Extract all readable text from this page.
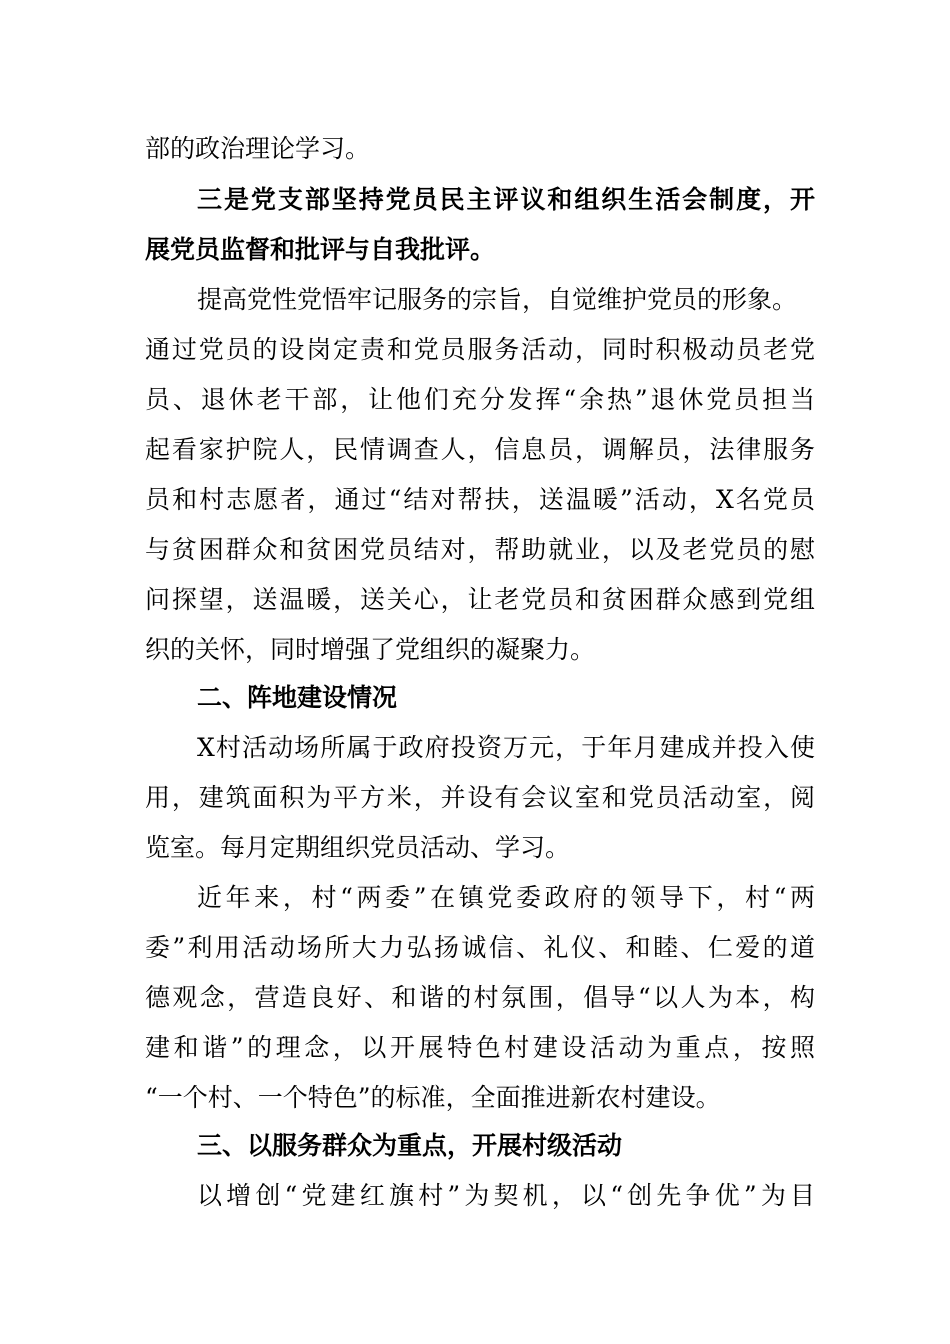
部的政治理论学习。
三是党支部坚持党员民主评议和组织生活会制度，开
展党员监督和批评与自我批评。
提高党性党悟牢记服务的宗旨，自觉维护党员的形象。
通过党员的设岗定责和党员服务活动，同时积极动员老党
员、退休老干部，让他们充分发挥“余热”退休党员担当
起看家护院人，民情调查人，信息员，调解员，法律服务
员和村志愿者，通过“结对帮扶，送温暖”活动，X名党员
与贫困群众和贫困党员结对，帮助就业，以及老党员的慰
问探望，送温暖，送关心，让老党员和贫困群众感到党组
织的关怀，同时增强了党组织的凝聚力。
二、阵地建设情况
X村活动场所属于政府投资万元，于年月建成并投入使
用，建筑面积为平方米，并设有会议室和党员活动室，阅
览室。每月定期组织党员活动、学习。
近年来，村“两委”在镇党委政府的领导下，村“两
委”利用活动场所大力弘扬诚信、礼仪、和睦、仁爱的道
德观念，营造良好、和谐的村氛围，倡导“以人为本，构
建和谐”的理念，以开展特色村建设活动为重点，按照
“一个村、一个特色”的标准，全面推进新农村建设。
三、以服务群众为重点，开展村级活动
以增创“党建红旗村”为契机，以“创先争优”为目
